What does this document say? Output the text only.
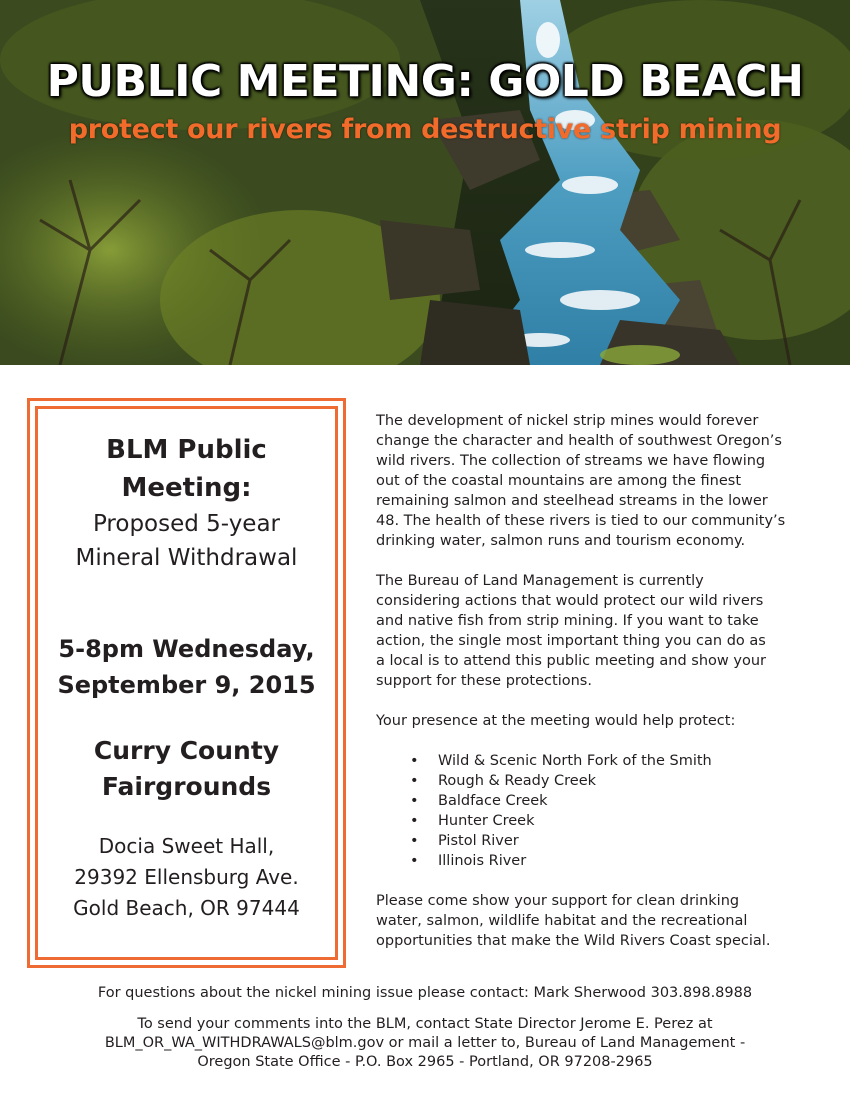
PUBLIC MEETING: GOLD BEACH
protect our rivers from destructive strip mining

BLM Public

Meeting:

Proposed 5-year

Mineral Withdrawal

5-8pm Wednesday,

September 9, 2015

Curry County

Fairgrounds

Docia Sweet Hall,

29392 Ellensburg Ave.

Gold Beach, OR 97444

The development of nickel strip mines would forever

change the character and health of southwest Oregon’s

wild rivers. The collection of streams we have flowing

out of the coastal mountains are among the finest

remaining salmon and steelhead streams in the lower

48. The health of these rivers is tied to our community’s

drinking water, salmon runs and tourism economy.

The Bureau of Land Management is currently

considering actions that would protect our wild rivers

and native fish from strip mining. If you want to take

action, the single most important thing you can do as

a local is to attend this public meeting and show your

support for these protections.

Your presence at the meeting would help protect:

• Wild & Scenic North Fork of the Smith
• Rough & Ready Creek
• Baldface Creek
• Hunter Creek
• Pistol River
• Illinois River

Please come show your support for clean drinking

water, salmon, wildlife habitat and the recreational

opportunities that make the Wild Rivers Coast special.

For questions about the nickel mining issue please contact: Mark Sherwood 303.898.8988

To send your comments into the BLM, contact State Director Jerome E. Perez at
BLM_OR_WA_WITHDRAWALS@blm.gov or mail a letter to, Bureau of Land Management -
Oregon State Office - P.O. Box 2965 - Portland, OR 97208-2965
